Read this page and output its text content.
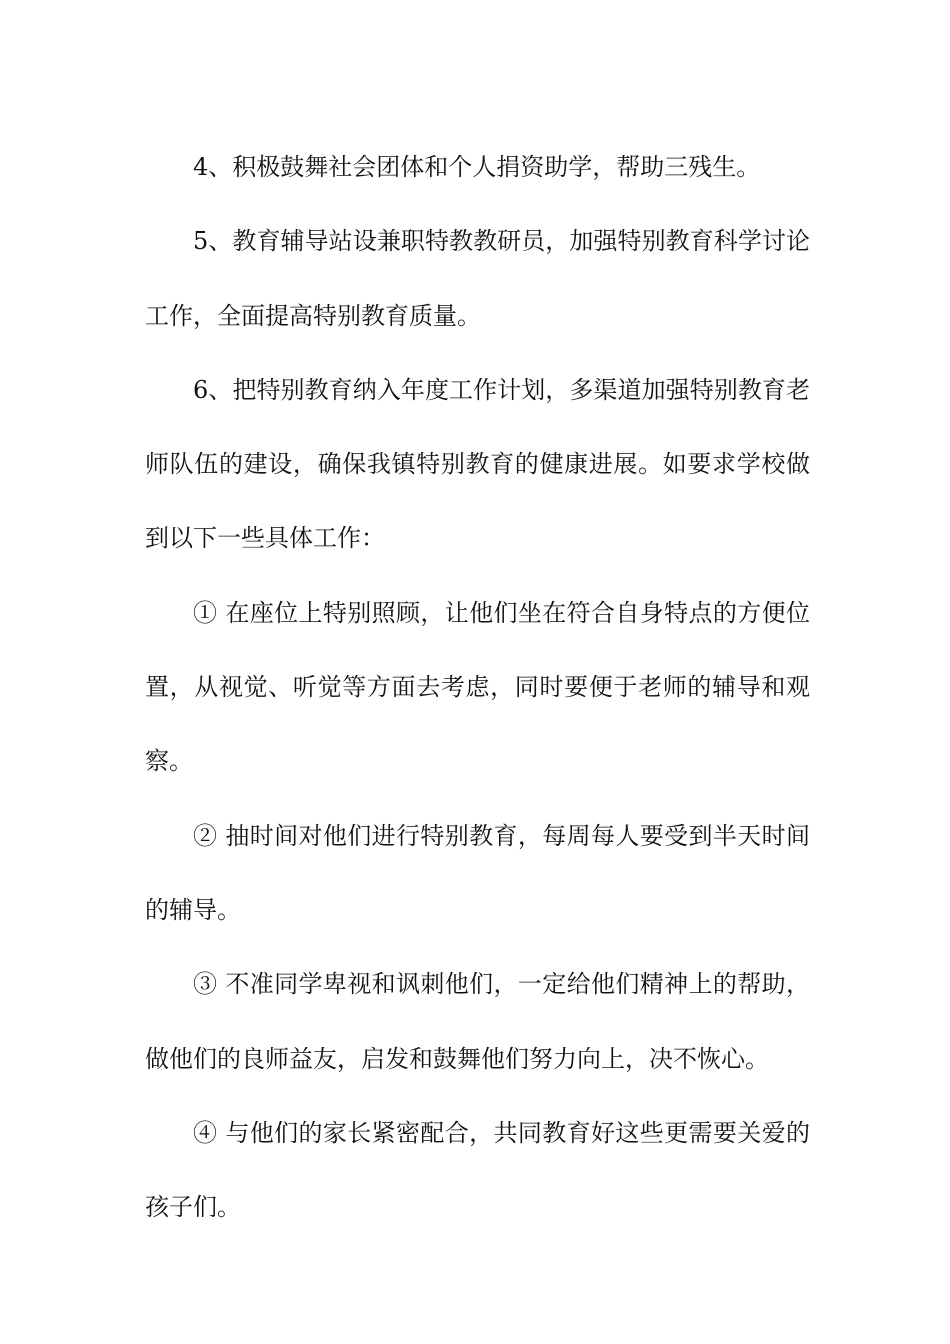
4、积极鼓舞社会团体和个人捐资助学，帮助三残生。

5、教育辅导站设兼职特教教研员，加强特别教育科学讨论工作，全面提高特别教育质量。

6、把特别教育纳入年度工作计划，多渠道加强特别教育老师队伍的建设，确保我镇特别教育的健康进展。如要求学校做到以下一些具体工作：

① 在座位上特别照顾，让他们坐在符合自身特点的方便位置，从视觉、听觉等方面去考虑，同时要便于老师的辅导和观察。

② 抽时间对他们进行特别教育，每周每人要受到半天时间的辅导。

③ 不准同学卑视和讽刺他们，一定给他们精神上的帮助，做他们的良师益友，启发和鼓舞他们努力向上，决不恢心。

④ 与他们的家长紧密配合，共同教育好这些更需要关爱的孩子们。
